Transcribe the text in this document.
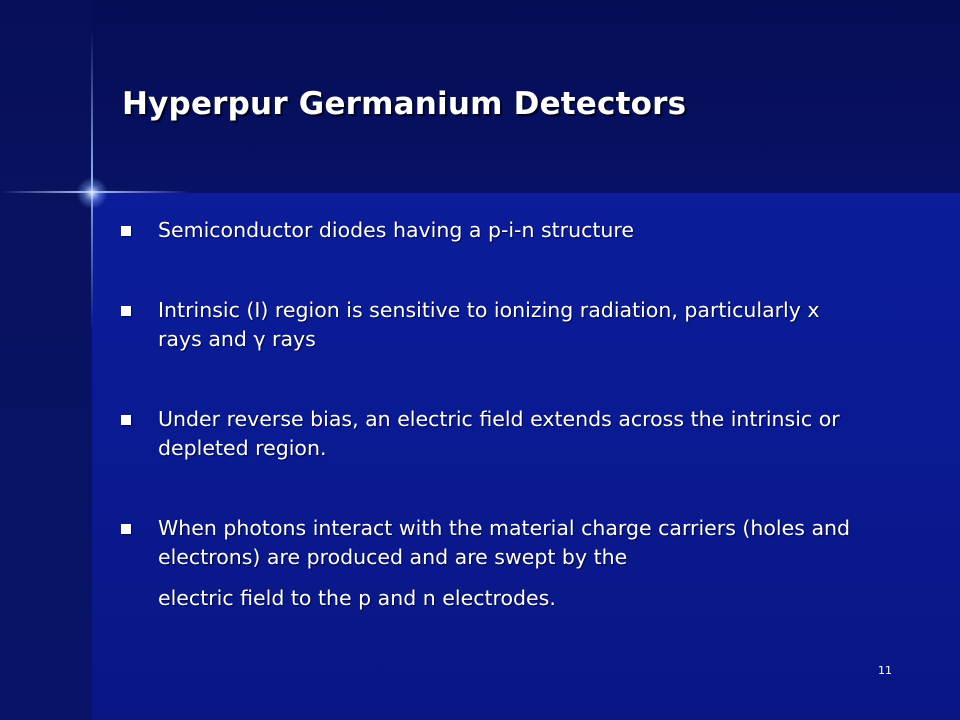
Hyperpur Germanium Detectors
Semiconductor diodes having a p-i-n structure
Intrinsic (I) region is sensitive to ionizing radiation, particularly x rays and γ rays
Under reverse bias, an electric field extends across the intrinsic or depleted region.
When photons interact with the material charge carriers (holes and electrons) are produced and are swept by the
electric field to the p and n electrodes.
11
